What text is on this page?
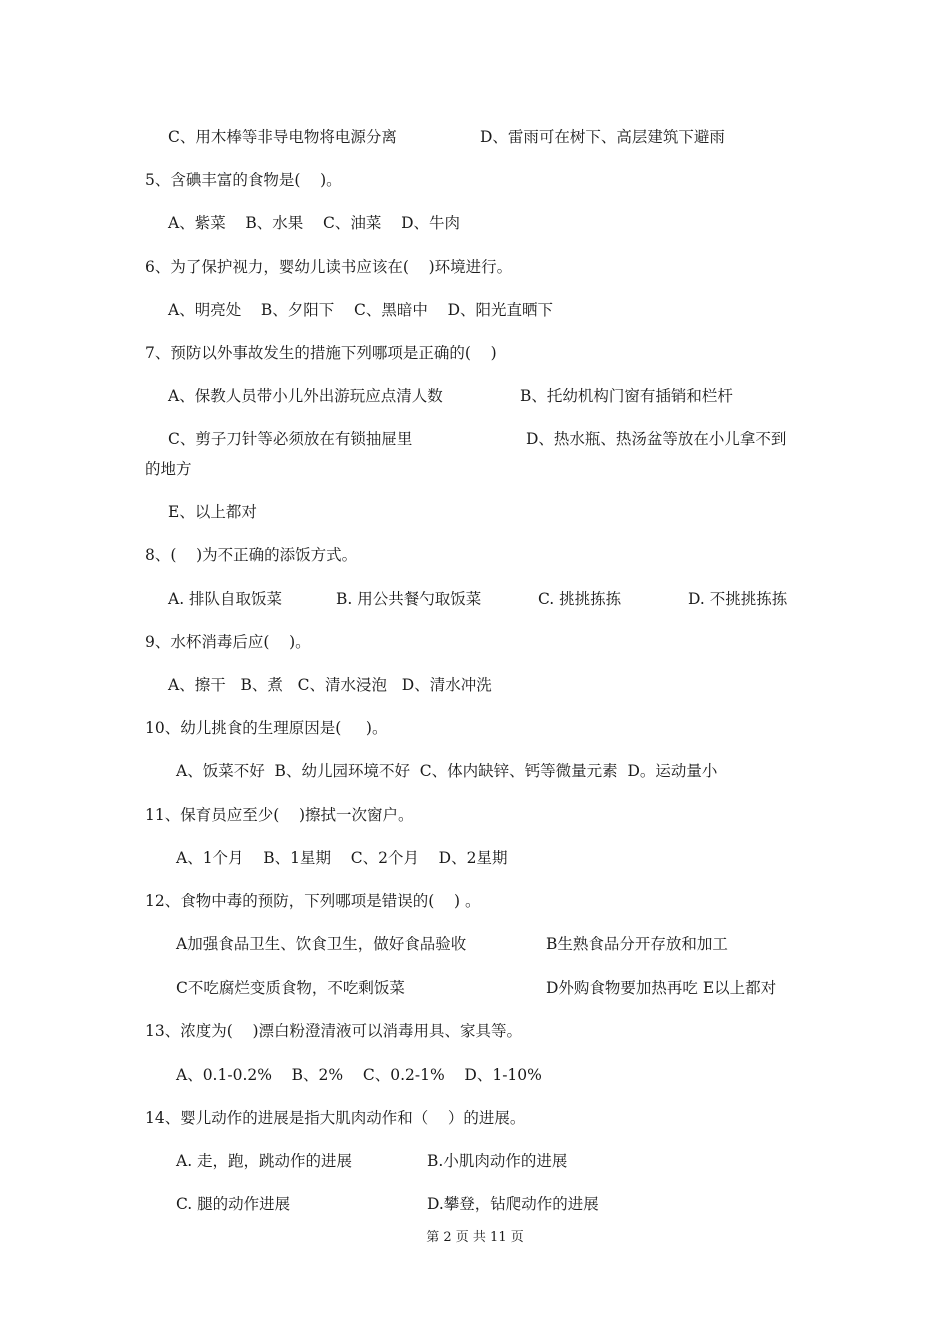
C、用木棒等非导电物将电源分离	D、雷雨可在树下、高层建筑下避雨
5、含碘丰富的食物是(    )。
A、紫菜    B、水果    C、油菜    D、牛肉
6、为了保护视力，婴幼儿读书应该在(    )环境进行。
A、明亮处    B、夕阳下    C、黑暗中    D、阳光直晒下
7、预防以外事故发生的措施下列哪项是正确的(    )
A、保教人员带小儿外出游玩应点清人数	B、托幼机构门窗有插销和栏杆
C、剪子刀针等必须放在有锁抽屉里	D、热水瓶、热汤盆等放在小儿拿不到
的地方
E、以上都对
8、(    )为不正确的添饭方式。
A. 排队自取饭菜	B. 用公共餐勺取饭菜	C. 挑挑拣拣	D. 不挑挑拣拣
9、水杯消毒后应(    )。
A、擦干   B、煮   C、清水浸泡   D、清水冲洗
10、幼儿挑食的生理原因是(     )。
A、饭菜不好  B、幼儿园环境不好  C、体内缺锌、钙等微量元素  D。运动量小
11、保育员应至少(    )擦拭一次窗户。
A、1个月    B、1星期    C、2个月    D、2星期
12、食物中毒的预防，下列哪项是错误的(    ) 。
A加强食品卫生、饮食卫生，做好食品验收	B生熟食品分开存放和加工
C不吃腐烂变质食物，不吃剩饭菜	D外购食物要加热再吃 E以上都对
13、浓度为(    )漂白粉澄清液可以消毒用具、家具等。
A、0.1-0.2%    B、2%    C、0.2-1%    D、1-10%
14、婴儿动作的进展是指大肌肉动作和（    ）的进展。
A. 走，跑，跳动作的进展	B.小肌肉动作的进展
C. 腿的动作进展	D.攀登，钻爬动作的进展
第 2 页 共 11 页
